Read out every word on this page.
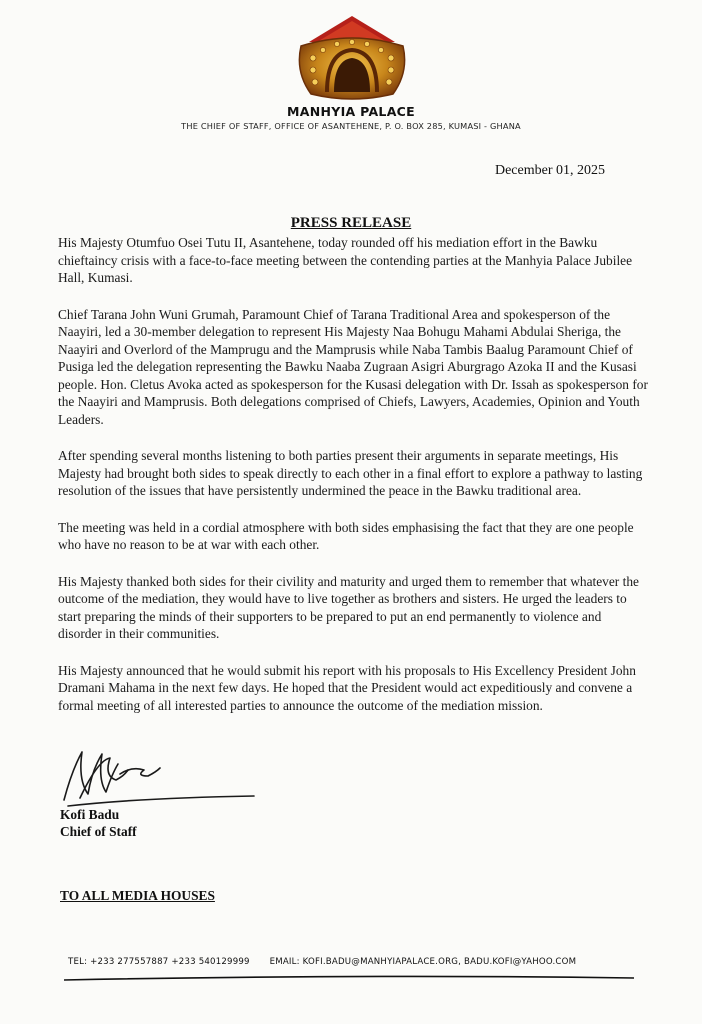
MANHYIA PALACE
THE CHIEF OF STAFF, OFFICE OF ASANTEHENE, P. O. BOX 285, KUMASI - GHANA
December 01, 2025
PRESS RELEASE

His Majesty Otumfuo Osei Tutu II, Asantehene, today rounded off his mediation effort in the Bawku chieftaincy crisis with a face-to-face meeting between the contending parties at the Manhyia Palace Jubilee Hall, Kumasi.

Chief Tarana John Wuni Grumah, Paramount Chief of Tarana Traditional Area and spokesperson of the Naayiri, led a 30-member delegation to represent His Majesty Naa Bohugu Mahami Abdulai Sheriga, the Naayiri and Overlord of the Mamprugu and the Mamprusis while Naba Tambis Baalug Paramount Chief of Pusiga led the delegation representing the Bawku Naaba Zugraan Asigri Aburgrago Azoka II and the Kusasi people. Hon. Cletus Avoka acted as spokesperson for the Kusasi delegation with Dr. Issah as spokesperson for the Naayiri and Mamprusis. Both delegations comprised of Chiefs, Lawyers, Academies, Opinion and Youth Leaders.

After spending several months listening to both parties present their arguments in separate meetings, His Majesty had brought both sides to speak directly to each other in a final effort to explore a pathway to lasting resolution of the issues that have persistently undermined the peace in the Bawku traditional area.

The meeting was held in a cordial atmosphere with both sides emphasising the fact that they are one people who have no reason to be at war with each other.

His Majesty thanked both sides for their civility and maturity and urged them to remember that whatever the outcome of the mediation, they would have to live together as brothers and sisters. He urged the leaders to start preparing the minds of their supporters to be prepared to put an end permanently to violence and disorder in their communities.

His Majesty announced that he would submit his report with his proposals to His Excellency President John Dramani Mahama in the next few days. He hoped that the President would act expeditiously and convene a formal meeting of all interested parties to announce the outcome of the mediation mission.

Kofi Badu
Chief of Staff
TO ALL MEDIA HOUSES
TEL: +233 277557887 +233 540129999 EMAIL: KOFI.BADU@MANHYIAPALACE.ORG, BADU.KOFI@YAHOO.COM
